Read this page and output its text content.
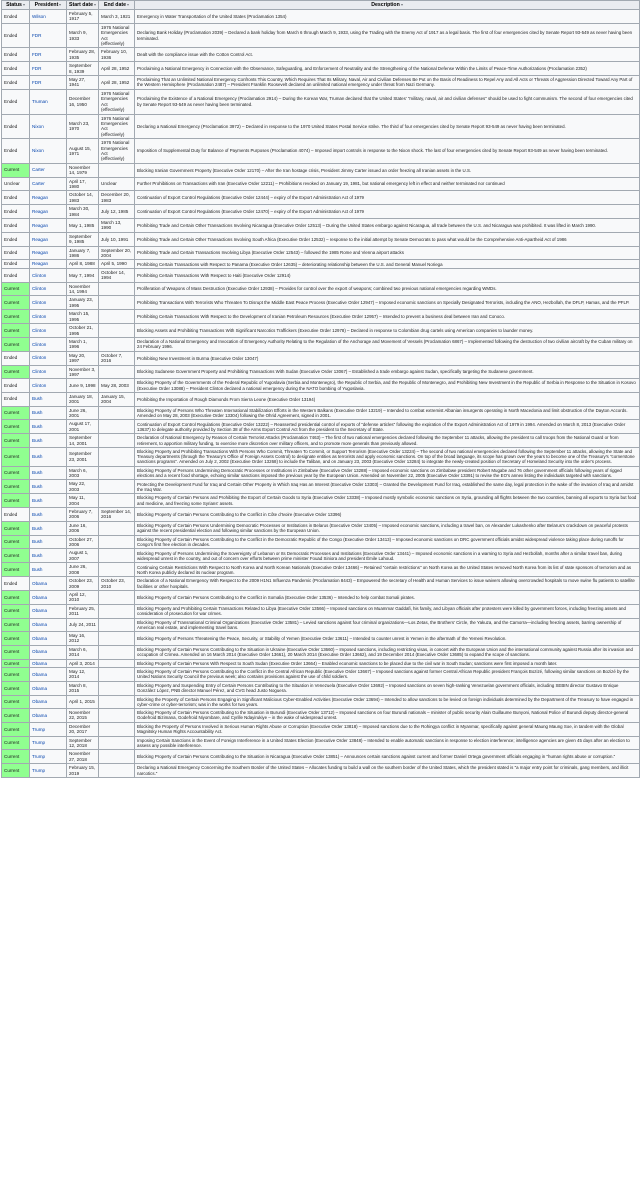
Status	President	Start date	End date	Description
Ended	Wilson	February 5, 1917	March 3, 1921	Emergency in Water Transportation of the United States (Proclamation 1354)
Ended	FDR	March 9, 1933	1976 National Emergencies Act (effectively)	Declaring Bank Holiday (Proclamation 2039) – Declared a bank holiday from March 6 through March 9, 1933, using the Trading with the Enemy Act of 1917 as a legal basis. The first of four emergencies cited by Senate Report 93-549 as never having been terminated.
Ended	FDR	February 28, 1935	February 10, 1936	Dealt with the compliance issue with the Cotton Control Act.
Ended	FDR	September 8, 1939	April 28, 1952	Proclaiming a National Emergency in Connection with the Observance, Safeguarding, and Enforcement of Neutrality and the Strengthening of the National Defense Within the Limits of Peace-Time Authorizations (Proclamation 2352)
Ended	FDR	May 27, 1941	April 28, 1952	Proclaiming That an Unlimited National Emergency Confronts This Country, Which Requires That Its Military, Naval, Air and Civilian Defenses Be Put on the Basis of Readiness to Repel Any and All Acts or Threats of Aggression Directed Toward Any Part of the Western Hemisphere (Proclamation 2487) – President Franklin Roosevelt declared an unlimited national emergency under threat from Nazi Germany.
Ended	Truman	December 16, 1950	1976 National Emergencies Act (effectively)	Proclaiming the Existence of a National Emergency (Proclamation 2914) – During the Korean War, Truman declared that the United States' "military, naval, air and civilian defenses" should be used to fight communism. The second of four emergencies cited by Senate Report 93-549 as never having been terminated.
Ended	Nixon	March 23, 1970	1976 National Emergencies Act (effectively)	Declaring a National Emergency (Proclamation 3972) – Declared in response to the 1970 United States Postal Service strike. The third of four emergencies cited by Senate Report 93-549 as never having been terminated.
Ended	Nixon	August 15, 1971	1976 National Emergencies Act (effectively)	Imposition of Supplemental Duty for Balance of Payments Purposes (Proclamation 4074) – Imposed import controls in response to the Nixon shock. The last of four emergencies cited by Senate Report 93-549 as never having been terminated.
Current	Carter	November 14, 1979		Blocking Iranian Government Property (Executive Order 12170) – After the Iran hostage crisis, President Jimmy Carter issued an order freezing all Iranian assets in the U.S.
Unclear	Carter	April 17, 1980	Unclear	Further Prohibitions on Transactions with Iran (Executive Order 12211) – Prohibitions revoked on January 19, 1981, but national emergency left in effect and neither terminated nor continued
Ended	Reagan	October 14, 1983	December 20, 1983	Continuation of Export Control Regulations (Executive Order 12444) – expiry of the Export Administration Act of 1979
Ended	Reagan	March 30, 1984	July 12, 1985	Continuation of Export Control Regulations (Executive Order 12470) – expiry of the Export Administration Act of 1979
Ended	Reagan	May 1, 1985	March 13, 1990	Prohibiting Trade and Certain Other Transactions Involving Nicaragua (Executive Order 12513) – During the United States embargo against Nicaragua, all trade between the U.S. and Nicaragua was prohibited. It was lifted in March 1990.
Ended	Reagan	September 9, 1985	July 10, 1991	Prohibiting Trade and Certain Other Transactions Involving South Africa (Executive Order 12532) – response to the initial attempt by Senate Democrats to pass what would be the Comprehensive Anti-Apartheid Act of 1986
Ended	Reagan	January 7, 1986	September 20, 2004	Prohibiting Trade and Certain Transactions Involving Libya (Executive Order 12543) – followed the 1985 Rome and Vienna airport attacks
Ended	Reagan	April 8, 1988	April 5, 1990	Prohibiting Certain Transactions with Respect to Panama (Executive Order 12635) – deteriorating relationship between the U.S. and General Manuel Noriega
Ended	Clinton	May 7, 1994	October 14, 1994	Prohibiting Certain Transactions With Respect to Haiti (Executive Order 12914)
Current	Clinton	November 14, 1994		Proliferation of Weapons of Mass Destruction (Executive Order 12938) – Provides for control over the export of weapons; combined two previous national emergencies regarding WMDs.
Current	Clinton	January 23, 1995		Prohibiting Transactions With Terrorists Who Threaten To Disrupt the Middle East Peace Process (Executive Order 12947) – Imposed economic sanctions on Specially Designated Terrorists, including the ANO, Hezbollah, the DFLP, Hamas, and the PFLP.
Current	Clinton	March 15, 1995		Prohibiting Certain Transactions With Respect to the Development of Iranian Petroleum Resources (Executive Order 12957) – Intended to prevent a business deal between Iran and Conoco.
Current	Clinton	October 21, 1995		Blocking Assets and Prohibiting Transactions With Significant Narcotics Traffickers (Executive Order 12978) – Declared in response to Colombian drug cartels using American companies to launder money.
Current	Clinton	March 1, 1996		Declaration of a National Emergency and Invocation of Emergency Authority Relating to the Regulation of the Anchorage and Movement of Vessels (Proclamation 6867) – Implemented following the destruction of two civilian aircraft by the Cuban military on 24 February 1996.
Ended	Clinton	May 20, 1997	October 7, 2016	Prohibiting New Investment in Burma (Executive Order 13047)
Current	Clinton	November 3, 1997		Blocking Sudanese Government Property and Prohibiting Transactions With Sudan (Executive Order 13067) – Established a trade embargo against Sudan, specifically targeting the Sudanese government.
Ended	Clinton	June 9, 1998	May 28, 2003	Blocking Property of the Governments of the Federal Republic of Yugoslavia (Serbia and Montenegro), the Republic of Serbia, and the Republic of Montenegro, and Prohibiting New Investment in the Republic of Serbia in Response to the Situation in Kosovo (Executive Order 13088) – President Clinton declared a national emergency during the NATO bombing of Yugoslavia.
Ended	Bush	January 18, 2001	January 15, 2004	Prohibiting the Importation of Rough Diamonds From Sierra Leone (Executive Order 13194)
Current	Bush	June 26, 2001		Blocking Property of Persons Who Threaten International Stabilization Efforts in the Western Balkans (Executive Order 13219) – Intended to combat extremist Albanian insurgents operating in North Macedonia and limit obstruction of the Dayton Accords. Amended on May 28, 2003 (Executive Order 13304) following the Ohrid Agreement, signed in 2001.
Current	Bush	August 17, 2001		Continuation of Export Control Regulations (Executive Order 13222) – Reasserted presidential control of exports of "defense articles" following the expiration of the Export Administration Act of 1979 in 1994. Amended on March 8, 2013 (Executive Order 13637) to delegate authority provided by Section 38 of the Arms Export Control Act from the president to the Secretary of State.
Current	Bush	September 14, 2001		Declaration of National Emergency by Reason of Certain Terrorist Attacks (Proclamation 7463) – The first of two national emergencies declared following the September 11 attacks, allowing the president to call troops from the National Guard or from retirement, to apportion military funding, to exercise more discretion over military officers, and to promote more generals than previously allowed.
Current	Bush	September 23, 2001		Blocking Property and Prohibiting Transactions With Persons Who Commit, Threaten To Commit, or Support Terrorism (Executive Order 13224) – The second of two national emergencies declared following the September 11 attacks, allowing the State and Treasury departments (through the Treasury's Office of Foreign Assets Control) to designate entities as terrorists and apply economic sanctions. On top of the broad language, its scope has grown over the years to become one of the Treasury's "cornerstone sanctions programs". Amended on July 2, 2002 (Executive Order 13268) to include the Taliban, and on January 23, 2003 (Executive Order 13284) to integrate the newly-created position of Secretary of Homeland Security into the order's process.
Current	Bush	March 6, 2003		Blocking Property of Persons Undermining Democratic Processes or Institutions in Zimbabwe (Executive Order 13288) – Imposed economic sanctions on Zimbabwe president Robert Mugabe and 76 other government officials following years of rigged elections and a recent food shortage, echoing similar sanctions imposed the previous year by the European Union. Amended on November 22, 2005 (Executive Order 13391) to revise the EO's annex listing the individuals targeted with sanctions.
Current	Bush	May 22, 2003		Protecting the Development Fund for Iraq and Certain Other Property in Which Iraq Has an Interest (Executive Order 13303) – Granted the Development Fund for Iraq, established the same day, legal protection in the wake of the invasion of Iraq and amidst the Iraq War.
Current	Bush	May 11, 2004		Blocking Property of Certain Persons and Prohibiting the Export of Certain Goods to Syria (Executive Order 13338) – Imposed mostly symbolic economic sanctions on Syria, grounding all flights between the two countries, banning all exports to Syria but food and medicine, and freezing some Syrians' assets.
Ended	Bush	February 7, 2006	September 14, 2016	Blocking Property of Certain Persons Contributing to the Conflict in Côte d'Ivoire (Executive Order 13396)
Current	Bush	June 16, 2006		Blocking Property of Certain Persons Undermining Democratic Processes or Institutions in Belarus (Executive Order 13405) – Imposed economic sanctions, including a travel ban, on Alexander Lukashenko after Belarus's crackdown on peaceful protests against the recent presidential election and following similar sanctions by the European Union.
Current	Bush	October 27, 2006		Blocking Property of Certain Persons Contributing to the Conflict in the Democratic Republic of the Congo (Executive Order 13413) – Imposed economic sanctions on DRC government officials amidst widespread violence taking place during runoffs for Congo's first free election in decades.
Current	Bush	August 1, 2007		Blocking Property of Persons Undermining the Sovereignty of Lebanon or Its Democratic Processes and Institutions (Executive Order 13441) – Imposed economic sanctions in a warning to Syria and Hezbollah, months after a similar travel ban, during widespread unrest in the country, and out of concern over efforts between prime minister Fouad Siniora and president Émile Lahoud.
Current	Bush	June 26, 2008		Continuing Certain Restrictions With Respect to North Korea and North Korean Nationals (Executive Order 13466) – Retained "certain restrictions" on North Korea as the United States removed North Korea from its list of state sponsors of terrorism and as North Korea publicly declared its nuclear program.
Ended	Obama	October 23, 2009	October 23, 2010	Declaration of a National Emergency With Respect to the 2009 H1N1 Influenza Pandemic (Proclamation 8443) – Empowered the secretary of Health and Human Services to issue waivers allowing overcrowded hospitals to move swine flu patients to satellite facilities or other hospitals.
Current	Obama	April 12, 2010		Blocking Property of Certain Persons Contributing to the Conflict in Somalia (Executive Order 13536) – Intended to help combat Somali pirates.
Current	Obama	February 25, 2011		Blocking Property and Prohibiting Certain Transactions Related to Libya (Executive Order 13566) – Imposed sanctions on Muammar Gaddafi, his family, and Libyan officials after protesters were killed by government forces, including freezing assets and consideration of prosecution for war crimes.
Current	Obama	July 24, 2011		Blocking Property of Transnational Criminal Organizations (Executive Order 13581) – Levied sanctions against four criminal organizations—Los Zetas, the Brothers' Circle, the Yakuza, and the Camorra—including freezing assets, barring ownership of American real estate, and implementing travel bans.
Current	Obama	May 16, 2012		Blocking Property of Persons Threatening the Peace, Security, or Stability of Yemen (Executive Order 13611) – Intended to counter unrest in Yemen in the aftermath of the Yemeni Revolution.
Current	Obama	March 6, 2014		Blocking Property of Certain Persons Contributing to the Situation in Ukraine (Executive Order 13660) – Imposed sanctions, including restricting visas, in concert with the European Union and the international community against Russia after its invasion and occupation of Crimea. Amended on 16 March 2014 (Executive Order 13661), 20 March 2014 (Executive Order 13662), and 19 December 2014 (Executive Order 13685) to expand the scope of sanctions.
Current	Obama	April 3, 2014		Blocking Property of Certain Persons With Respect to South Sudan (Executive Order 13664) – Enabled economic sanctions to be placed due to the civil war in South Sudan; sanctions were first imposed a month later.
Current	Obama	May 12, 2014		Blocking Property of Certain Persons Contributing to the Conflict in the Central African Republic (Executive Order 13667) – Imposed sanctions against former Central African Republic president François Bozizé, following similar sanctions on Bozizé by the United Nations Security Council the previous week; also contains provisions against the use of child soldiers.
Current	Obama	March 8, 2015		Blocking Property and Suspending Entry of Certain Persons Contributing to the Situation in Venezuela (Executive Order 13692) – Imposed sanctions on seven high-ranking Venezuelan government officials, including SEBIN director Gustavo Enrique González López, PNB director Manuel Pérez, and CVG head Justo Noguera.
Current	Obama	April 1, 2015		Blocking the Property of Certain Persons Engaging in Significant Malicious Cyber-Enabled Activities (Executive Order 13694) – Intended to allow sanctions to be levied on foreign individuals determined by the Department of the Treasury to have engaged in cyber-crime or cyber-terrorism; was in the works for two years.
Current	Obama	November 22, 2015		Blocking Property of Certain Persons Contributing to the Situation in Burundi (Executive Order 13712) – Imposed sanctions on four Burundi nationals – minister of public security Alain Guillaume Bunyoni, National Police of Burundi deputy director-general Godefroid Bizimana, Godefroid Niyombare, and Cyrille Ndayirukiye – in the wake of widespread unrest.
Current	Trump	December 20, 2017		Blocking the Property of Persons Involved in Serious Human Rights Abuse or Corruption (Executive Order 13818) – Imposed sanctions due to the Rohingya conflict in Myanmar, specifically against general Maung Maung Soe, in tandem with the Global Magnitsky Human Rights Accountability Act.
Current	Trump	September 12, 2018		Imposing Certain Sanctions in the Event of Foreign Interference in a United States Election (Executive Order 13848) – Intended to enable automatic sanctions in response to election interference; intelligence agencies are given 45 days after an election to assess any possible interference.
Current	Trump	November 27, 2018		Blocking Property of Certain Persons Contributing to the Situation in Nicaragua (Executive Order 13851) – Announces certain sanctions against current and former Daniel Ortega government officials engaging in "human rights abuse or corruption."
Current	Trump	February 15, 2019		Declaring a National Emergency Concerning the Southern Border of the United States – Allocates funding to build a wall on the southern border of the United States, which the president stated is "a major entry point for criminals, gang members, and illicit narcotics."
